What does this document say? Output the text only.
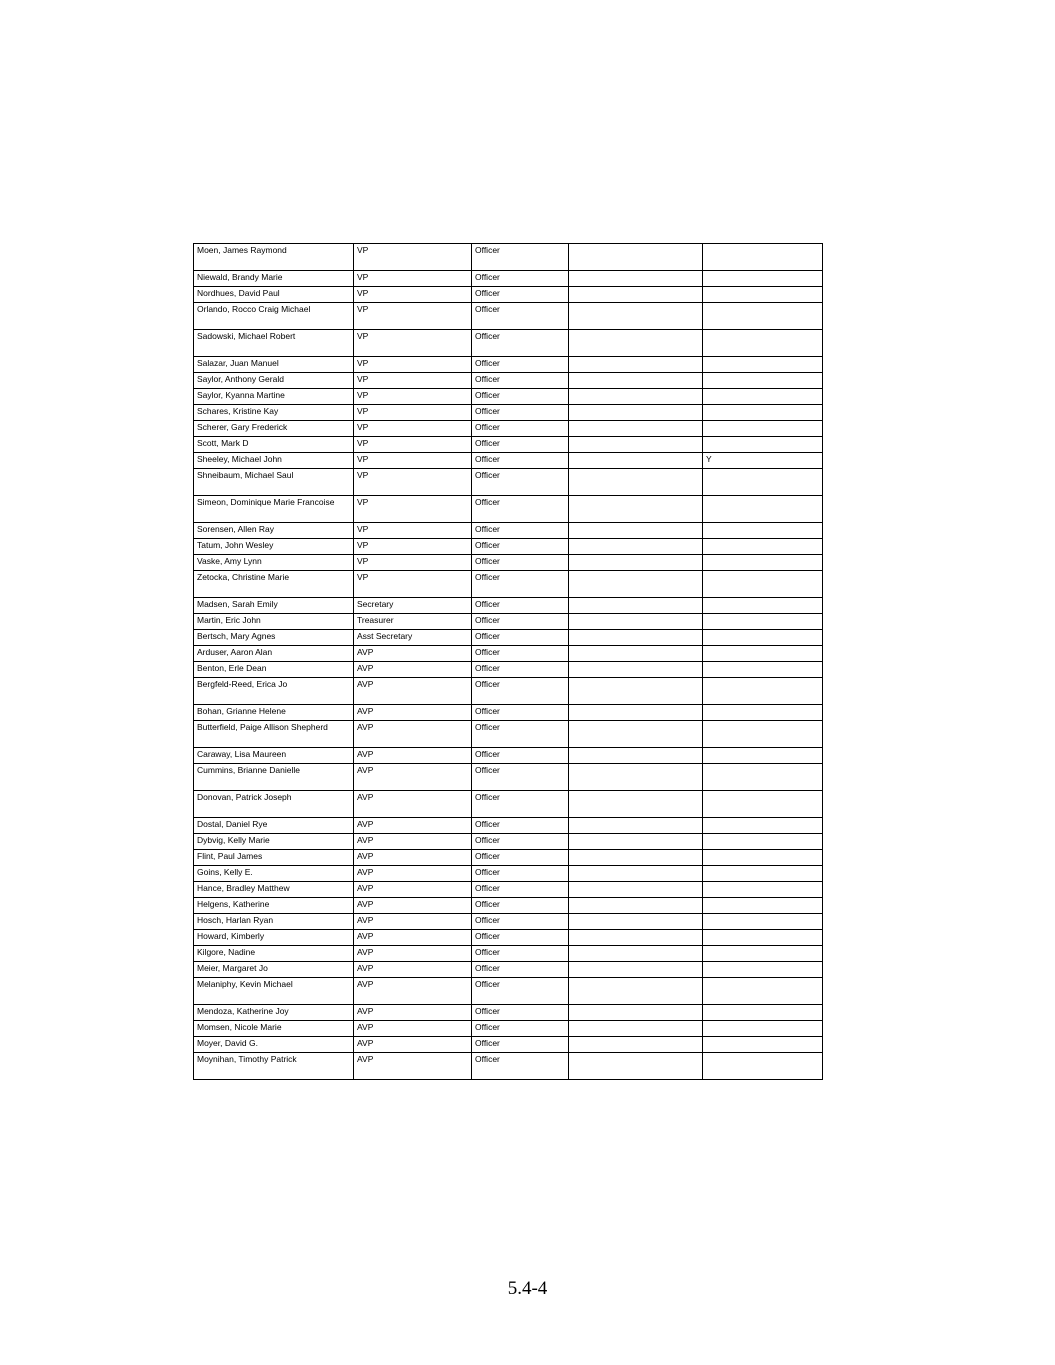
Moen, James Raymond	VP	Officer		
Niewald, Brandy Marie	VP	Officer		
Nordhues, David Paul	VP	Officer		
Orlando, Rocco Craig Michael	VP	Officer		
Sadowski, Michael Robert	VP	Officer		
Salazar, Juan Manuel	VP	Officer		
Saylor, Anthony Gerald	VP	Officer		
Saylor, Kyanna Martine	VP	Officer		
Schares, Kristine Kay	VP	Officer		
Scherer, Gary Frederick	VP	Officer		
Scott, Mark D	VP	Officer		
Sheeley, Michael John	VP	Officer		Y
Shneibaum, Michael Saul	VP	Officer		
Simeon, Dominique Marie Francoise	VP	Officer		
Sorensen, Allen Ray	VP	Officer		
Tatum, John Wesley	VP	Officer		
Vaske, Amy Lynn	VP	Officer		
Zetocka, Christine Marie	VP	Officer		
Madsen, Sarah Emily	Secretary	Officer		
Martin, Eric John	Treasurer	Officer		
Bertsch, Mary Agnes	Asst Secretary	Officer		
Arduser, Aaron Alan	AVP	Officer		
Benton, Erle Dean	AVP	Officer		
Bergfeld-Reed, Erica Jo	AVP	Officer		
Bohan, Grianne Helene	AVP	Officer		
Butterfield, Paige Allison Shepherd	AVP	Officer		
Caraway, Lisa Maureen	AVP	Officer		
Cummins, Brianne Danielle	AVP	Officer		
Donovan, Patrick Joseph	AVP	Officer		
Dostal, Daniel Rye	AVP	Officer		
Dybvig, Kelly Marie	AVP	Officer		
Flint, Paul James	AVP	Officer		
Goins, Kelly E.	AVP	Officer		
Hance, Bradley Matthew	AVP	Officer		
Helgens, Katherine	AVP	Officer		
Hosch, Harlan Ryan	AVP	Officer		
Howard, Kimberly	AVP	Officer		
Kilgore, Nadine	AVP	Officer		
Meier, Margaret Jo	AVP	Officer		
Melaniphy, Kevin Michael	AVP	Officer		
Mendoza, Katherine Joy	AVP	Officer		
Momsen, Nicole Marie	AVP	Officer		
Moyer, David G.	AVP	Officer		
Moynihan, Timothy Patrick	AVP	Officer		
5.4-4
